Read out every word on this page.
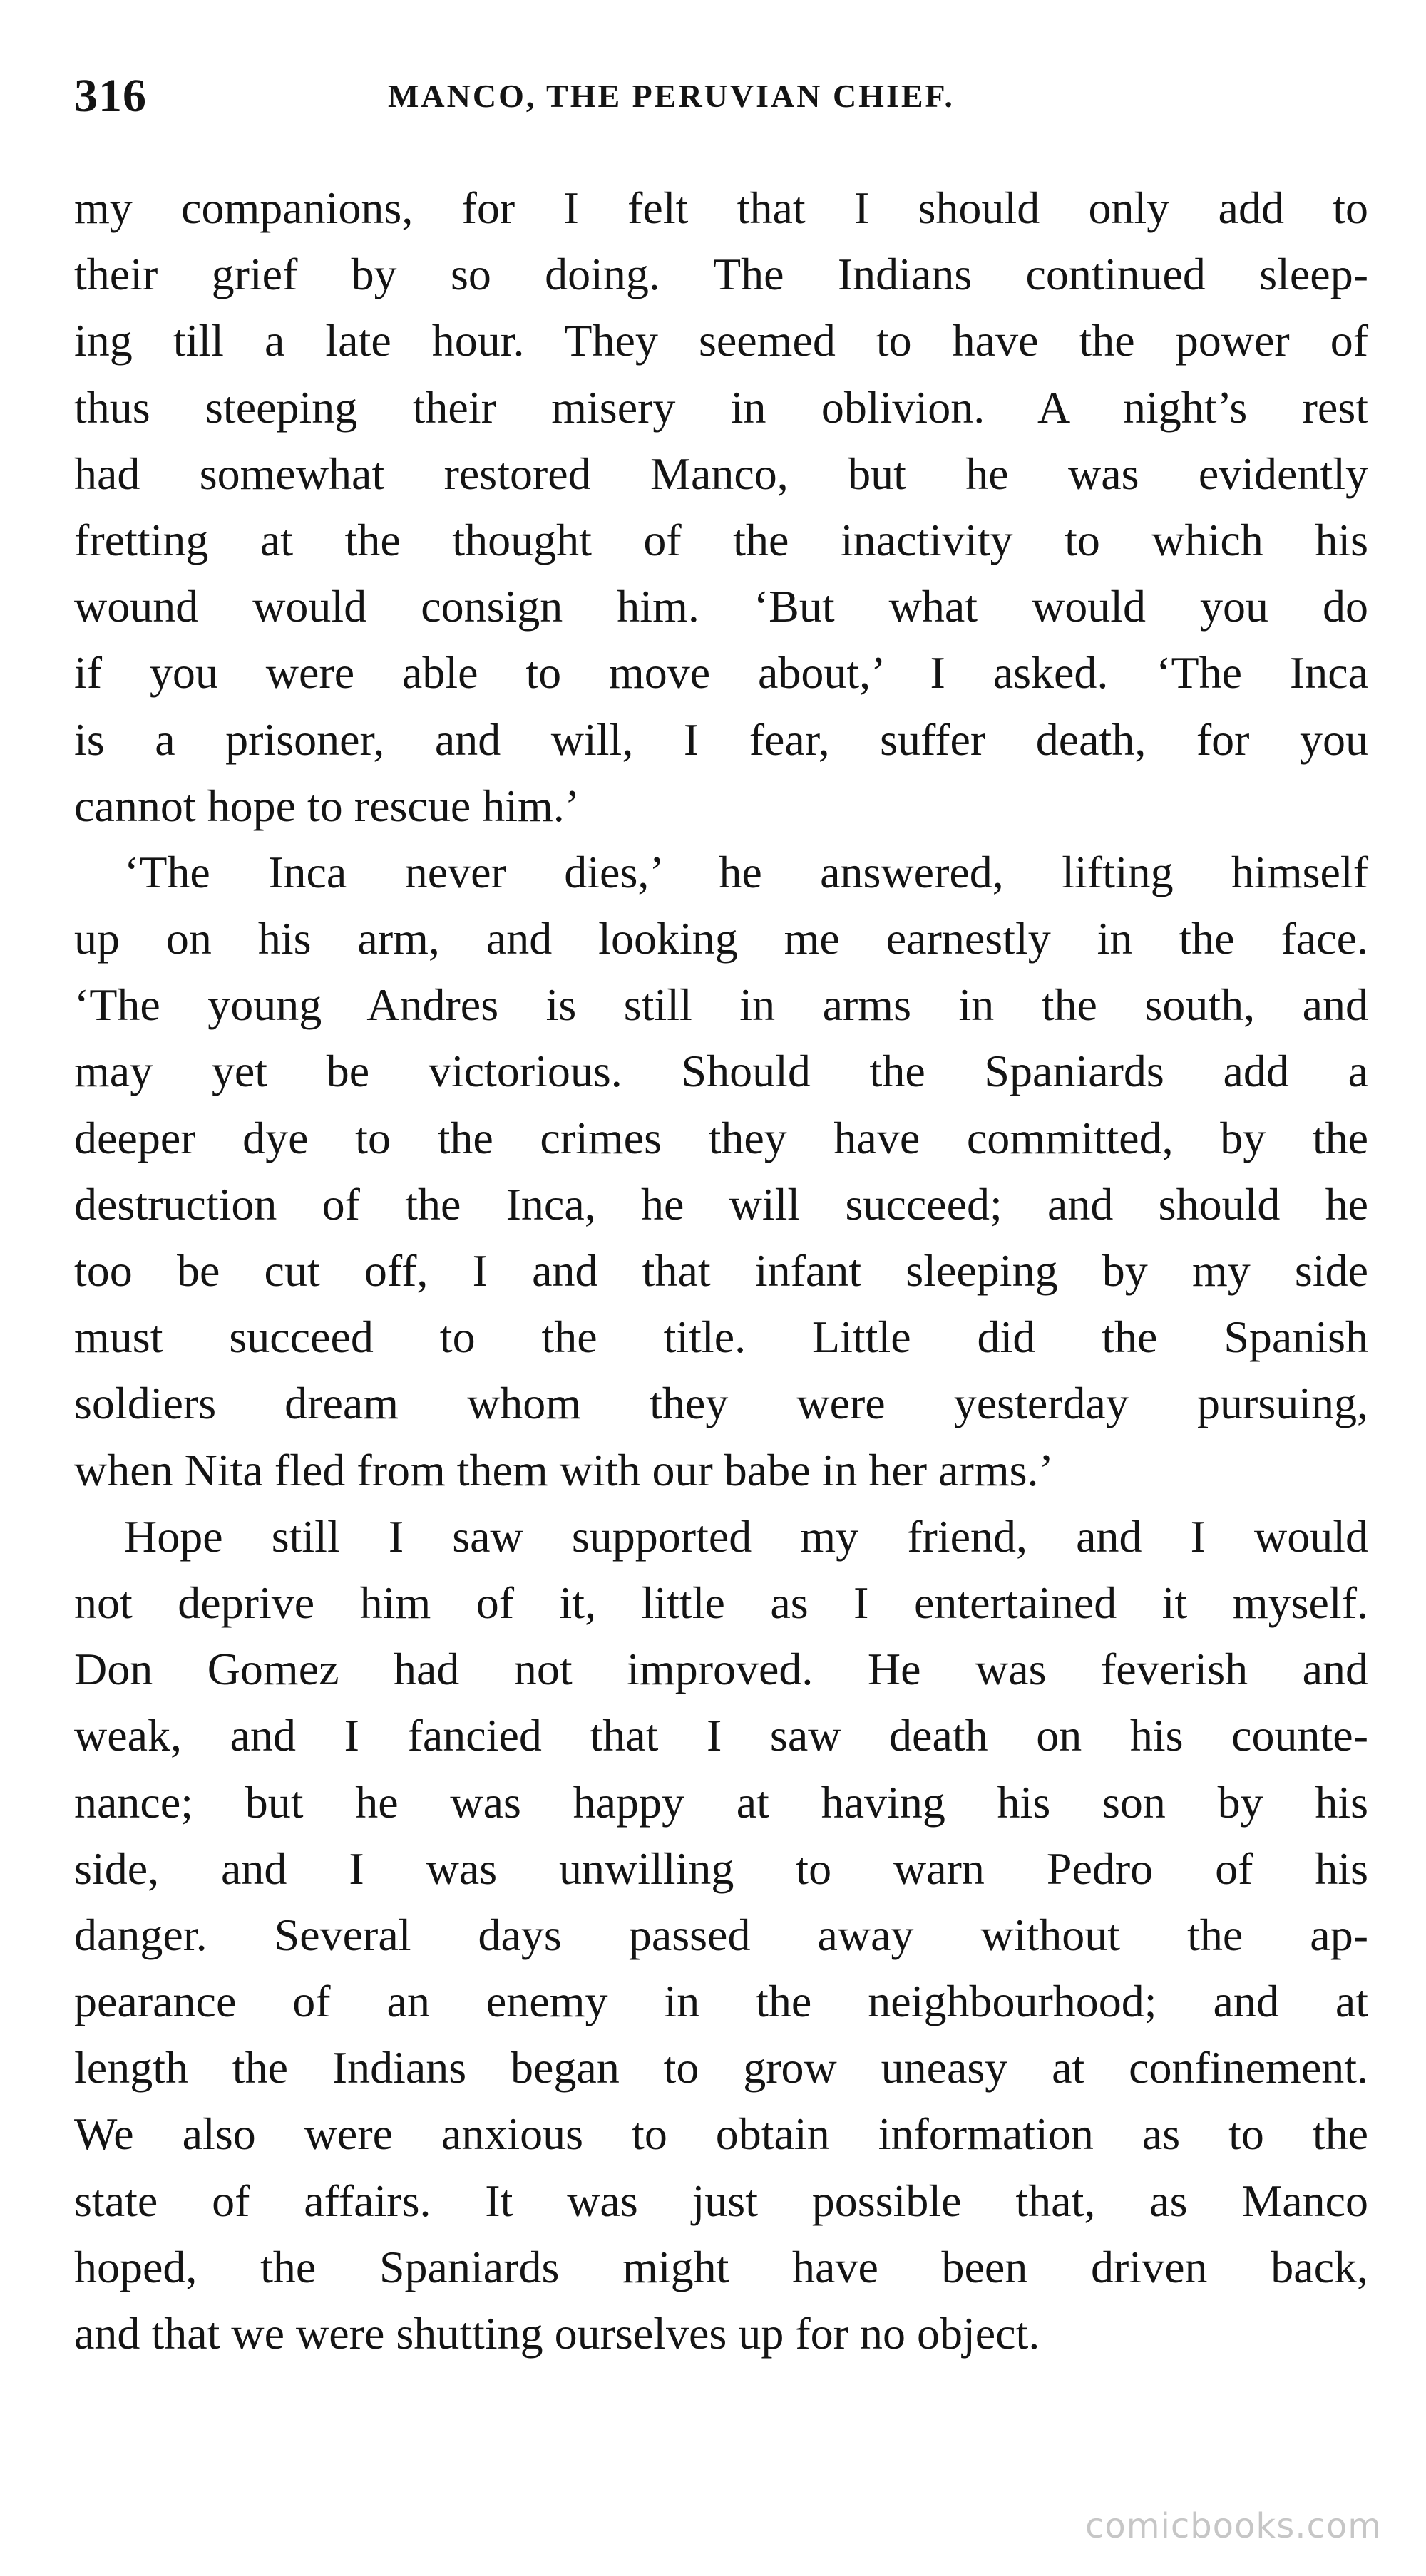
316	MANCO, THE PERUVIAN CHIEF.
my companions, for I felt that I should only add to
their grief by so doing. The Indians continued sleep-
ing till a late hour. They seemed to have the power of
thus steeping their misery in oblivion. A night’s rest
had somewhat restored Manco, but he was evidently
fretting at the thought of the inactivity to which his
wound would consign him. ‘But what would you do
if you were able to move about,’ I asked. ‘The Inca
is a prisoner, and will, I fear, suffer death, for you
cannot hope to rescue him.’
‘The Inca never dies,’ he answered, lifting himself
up on his arm, and looking me earnestly in the face.
‘The young Andres is still in arms in the south, and
may yet be victorious. Should the Spaniards add a
deeper dye to the crimes they have committed, by the
destruction of the Inca, he will succeed; and should he
too be cut off, I and that infant sleeping by my side
must succeed to the title. Little did the Spanish
soldiers dream whom they were yesterday pursuing,
when Nita fled from them with our babe in her arms.’
Hope still I saw supported my friend, and I would
not deprive him of it, little as I entertained it myself.
Don Gomez had not improved. He was feverish and
weak, and I fancied that I saw death on his counte-
nance; but he was happy at having his son by his
side, and I was unwilling to warn Pedro of his
danger. Several days passed away without the ap-
pearance of an enemy in the neighbourhood; and at
length the Indians began to grow uneasy at confinement.
We also were anxious to obtain information as to the
state of affairs. It was just possible that, as Manco
hoped, the Spaniards might have been driven back,
and that we were shutting ourselves up for no object.
comicbooks.com
